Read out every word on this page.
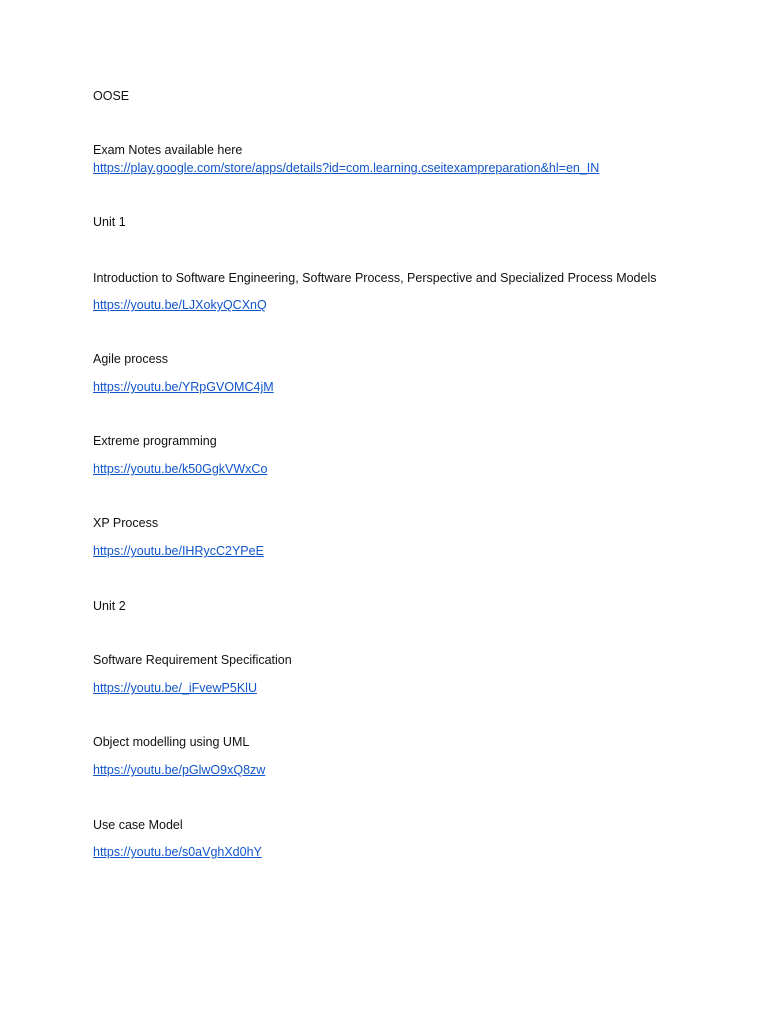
OOSE
Exam Notes available here
https://play.google.com/store/apps/details?id=com.learning.cseitexampreparation&hl=en_IN
Unit 1
Introduction to Software Engineering, Software Process, Perspective and Specialized Process Models
https://youtu.be/LJXokyQCXnQ
Agile process
https://youtu.be/YRpGVOMC4jM
Extreme programming
https://youtu.be/k50GgkVWxCo
XP Process
https://youtu.be/IHRycC2YPeE
Unit 2
Software Requirement Specification
https://youtu.be/_iFvewP5KlU
Object modelling using UML
https://youtu.be/pGlwO9xQ8zw
Use case Model
https://youtu.be/s0aVghXd0hY
